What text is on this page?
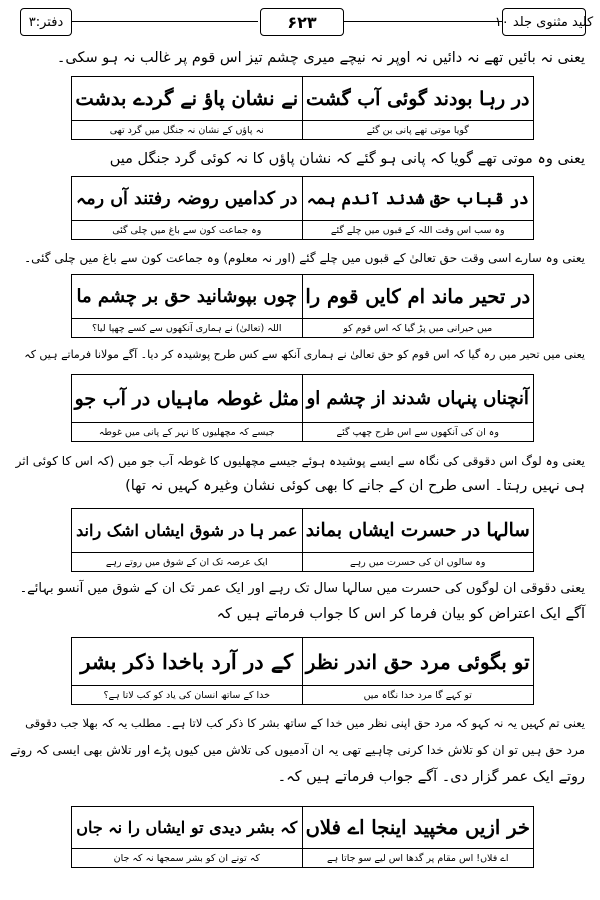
دفتر:۳	۶۲۳	کلید مثنوی جلد ۱۰
یعنی نہ بائیں تھے نہ دائیں نہ اوپر نہ نیچے میری چشم تیز اس قوم پر غالب نہ ہو سکی۔
در رہا بودند گوئی آب گشت
گویا موتی تھے پانی بن گئے
نے نشان پاؤ نے گردے بدشت
نہ پاؤں کے نشان نہ جنگل میں گرد تھی
یعنی وہ موتی تھے گویا کہ پانی ہو گئے کہ نشان پاؤں کا نہ کوئی گرد جنگل میں
در قباب حق شدند آندم ہمہ
وہ سب اس وقت اللہ کے قبوں میں چلے گئے
در کدامیں روضہ رفتند آں رمہ
وہ جماعت کون سے باغ میں چلی گئی
یعنی وہ سارے اسی وقت حق تعالیٰ کے قبوں میں چلے گئے (اور نہ معلوم) وہ جماعت کون سے باغ میں چلی گئی۔
در تحیر ماند ام کایں قوم را
میں حیرانی میں پڑ گیا کہ اس قوم کو
چوں بپوشانید حق بر چشم ما
اللہ (تعالیٰ) نے ہماری آنکھوں سے کسے چھپا لیا؟
یعنی میں تحیر میں رہ گیا کہ اس قوم کو حق تعالیٰ نے ہماری آنکھ سے کس طرح پوشیدہ کر دیا۔ آگے مولانا فرماتے ہیں کہ
آنچناں پنہاں شدند از چشم او
وہ ان کی آنکھوں سے اس طرح چھپ گئے
مثل غوطہ ماہیاں در آب جو
جیسے کہ مچھلیوں کا نہر کے پانی میں غوطہ
یعنی وہ لوگ اس دقوقی کی نگاہ سے ایسے پوشیدہ ہوئے جیسے مچھلیوں کا غوطہ آب جو میں (کہ اس کا کوئی اثر
ہی نہیں رہتا۔ اسی طرح ان کے جانے کا بھی کوئی نشان وغیرہ کہیں نہ تھا)
سالہا در حسرت ایشاں بماند
وہ سالوں ان کی حسرت میں رہے
عمر ہا در شوق ایشاں اشک راند
ایک عرصہ تک ان کے شوق میں روتے رہے
یعنی دقوقی ان لوگوں کی حسرت میں سالہا سال تک رہے اور ایک عمر تک ان کے شوق میں آنسو بہائے۔
آگے ایک اعتراض کو بیان فرما کر اس کا جواب فرماتے ہیں کہ
تو بگوئی مرد حق اندر نظر
تو کہے گا مرد خدا نگاہ میں
کے در آرد باخدا ذکر بشر
خدا کے ساتھ انسان کی یاد کو کب لاتا ہے؟
یعنی تم کہیں یہ نہ کہو کہ مرد حق اپنی نظر میں خدا کے ساتھ بشر کا ذکر کب لاتا ہے۔ مطلب یہ کہ بھلا جب دقوقی
مرد حق ہیں تو ان کو تلاش خدا کرنی چاہیے تھی یہ ان آدمیوں کی تلاش میں کیوں پڑے اور تلاش بھی ایسی کہ روتے
روتے ایک عمر گزار دی۔ آگے جواب فرماتے ہیں کہ۔
خر ازیں مخپید اینجا اے فلاں
اے فلاں! اس مقام پر گدھا اس لیے سو جاتا ہے
کہ بشر دیدی تو ایشاں را نہ جاں
کہ تونے ان کو بشر سمجھا نہ کہ جان
